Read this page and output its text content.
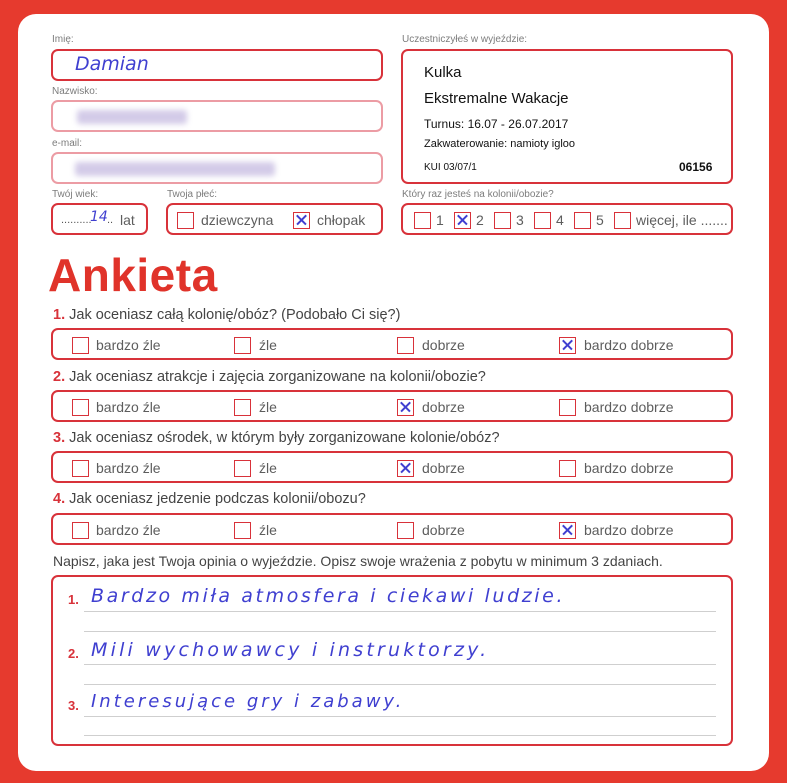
Imię:
Damian
Nazwisko:
e-mail:
Twój wiek:
..........
14 .. lat
Twoja płeć:
dziewczyna	chłopak
Uczestniczyłeś w wyjeździe:
Kulka
Ekstremalne Wakacje
Turnus: 16.07 - 26.07.2017
Zakwaterowanie: namioty igloo
KUI 03/07/1	06156
Który raz jesteś na kolonii/obozie?
1 2 3 4 5 więcej, ile .......
Ankieta
1. Jak oceniasz całą kolonię/obóz? (Podobało Ci się?)
bardzo źle	źle	dobrze	bardzo dobrze
2. Jak oceniasz atrakcje i zajęcia zorganizowane na kolonii/obozie?
bardzo źle	źle	dobrze	bardzo dobrze
3. Jak oceniasz ośrodek, w którym były zorganizowane kolonie/obóz?
bardzo źle	źle	dobrze	bardzo dobrze
4. Jak oceniasz jedzenie podczas kolonii/obozu?
bardzo źle	źle	dobrze	bardzo dobrze
Napisz, jaka jest Twoja opinia o wyjeździe. Opisz swoje wrażenia z pobytu w minimum 3 zdaniach.
1. Bardzo miła atmosfera i ciekawi ludzie.
2. Mili wychowawcy i instruktorzy.
3. Interesujące gry i zabawy.
